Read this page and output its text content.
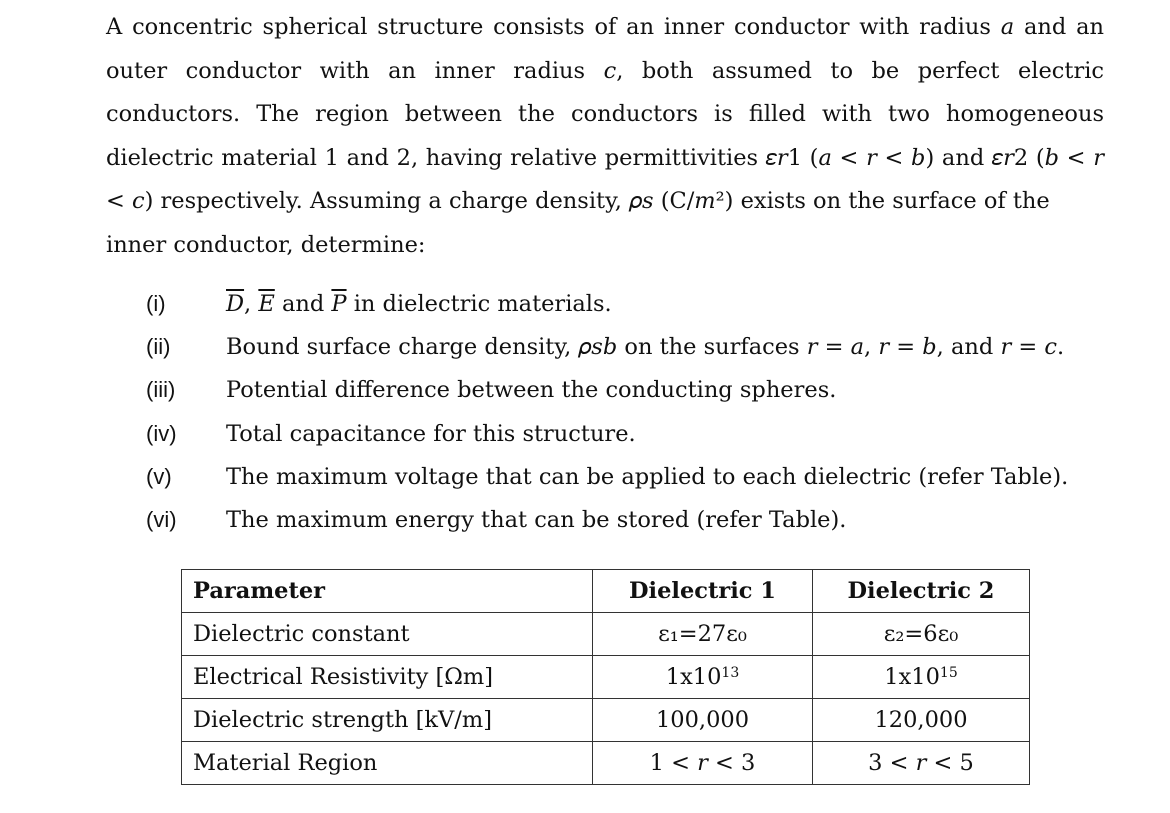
A concentric spherical structure consists of an inner conductor with radius 𝑎 and an outer conductor with an inner radius 𝑐, both assumed to be perfect electric conductors. The region between the conductors is filled with two homogeneous dielectric material 1 and 2, having relative permittivities 𝜀𝑟1 (𝑎 < 𝑟 < 𝑏) and 𝜀𝑟2 (𝑏 < 𝑟 < 𝑐) respectively. Assuming a charge density, 𝜌𝑠 (C/𝑚²) exists on the surface of the
inner conductor, determine:

(i)	$\overline{D}$, $\overline{E}$ and $\overline{P}$ in dielectric materials.
(ii) Bound surface charge density, 𝜌𝑠𝑏 on the surfaces 𝑟 = 𝑎, 𝑟 = 𝑏, and 𝑟 = 𝑐.
(iii) Potential difference between the conducting spheres.
(iv) Total capacitance for this structure.
(v) The maximum voltage that can be applied to each dielectric (refer Table).
(vi) The maximum energy that can be stored (refer Table).
Parameter	Dielectric 1	Dielectric 2
Dielectric constant	ε₁=27ε₀	ε₂=6ε₀
Electrical Resistivity [Ωm]	$1x10^{13}$	$1x10^{15}$
Dielectric strength [kV/m]	100,000	120,000
Material Region	1 < 𝑟 < 3	3 < 𝑟 < 5
